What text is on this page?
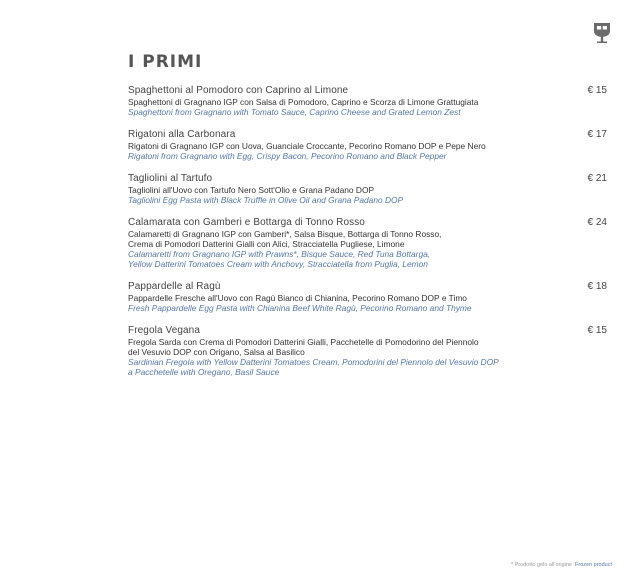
I PRIMI
Spaghettoni al Pomodoro con Caprino al Limone	€ 15
Spaghettoni di Gragnano IGP con Salsa di Pomodoro, Caprino e Scorza di Limone Grattugiata
Spaghettoni from Gragnano with Tomato Sauce, Caprino Cheese and Grated Lemon Zest
Rigatoni alla Carbonara	€ 17
Rigatoni di Gragnano IGP con Uova, Guanciale Croccante, Pecorino Romano DOP e Pepe Nero
Rigatoni from Gragnano with Egg, Crispy Bacon, Pecorino Romano and Black Pepper
Tagliolini al Tartufo	€ 21
Tagliolini all'Uovo con Tartufo Nero Sott'Olio e Grana Padano DOP
Tagliolini Egg Pasta with Black Truffle in Olive Oil and Grana Padano DOP
Calamarata con Gamberi e Bottarga di Tonno Rosso	€ 24
Calamaretti di Gragnano IGP con Gamberi*, Salsa Bisque, Bottarga di Tonno Rosso,
Crema di Pomodori Datterini Gialli con Alici, Stracciatella Pugliese, Limone
Calamaretti from Gragnano IGP with Prawns*, Bisque Sauce, Red Tuna Bottarga,
Yellow Datterini Tomatoes Cream with Anchovy, Stracciatella from Puglia, Lemon
Pappardelle al Ragù	€ 18
Pappardelle Fresche all'Uovo con Ragù Bianco di Chianina, Pecorino Romano DOP e Timo
Fresh Pappardelle Egg Pasta with Chianina Beef White Ragù, Pecorino Romano and Thyme
Fregola Vegana	€ 15
Fregola Sarda con Crema di Pomodori Datterini Gialli, Pacchetelle di Pomodorino del Piennolo
del Vesuvio DOP con Origano, Salsa al Basilico
Sardinian Fregola with Yellow Datterini Tomatoes Cream, Pomodorini del Piennolo del Vesuvio DOP
a Pacchetelle with Oregano, Basil Sauce
* Prodotto gelo all'origine Frozen product
